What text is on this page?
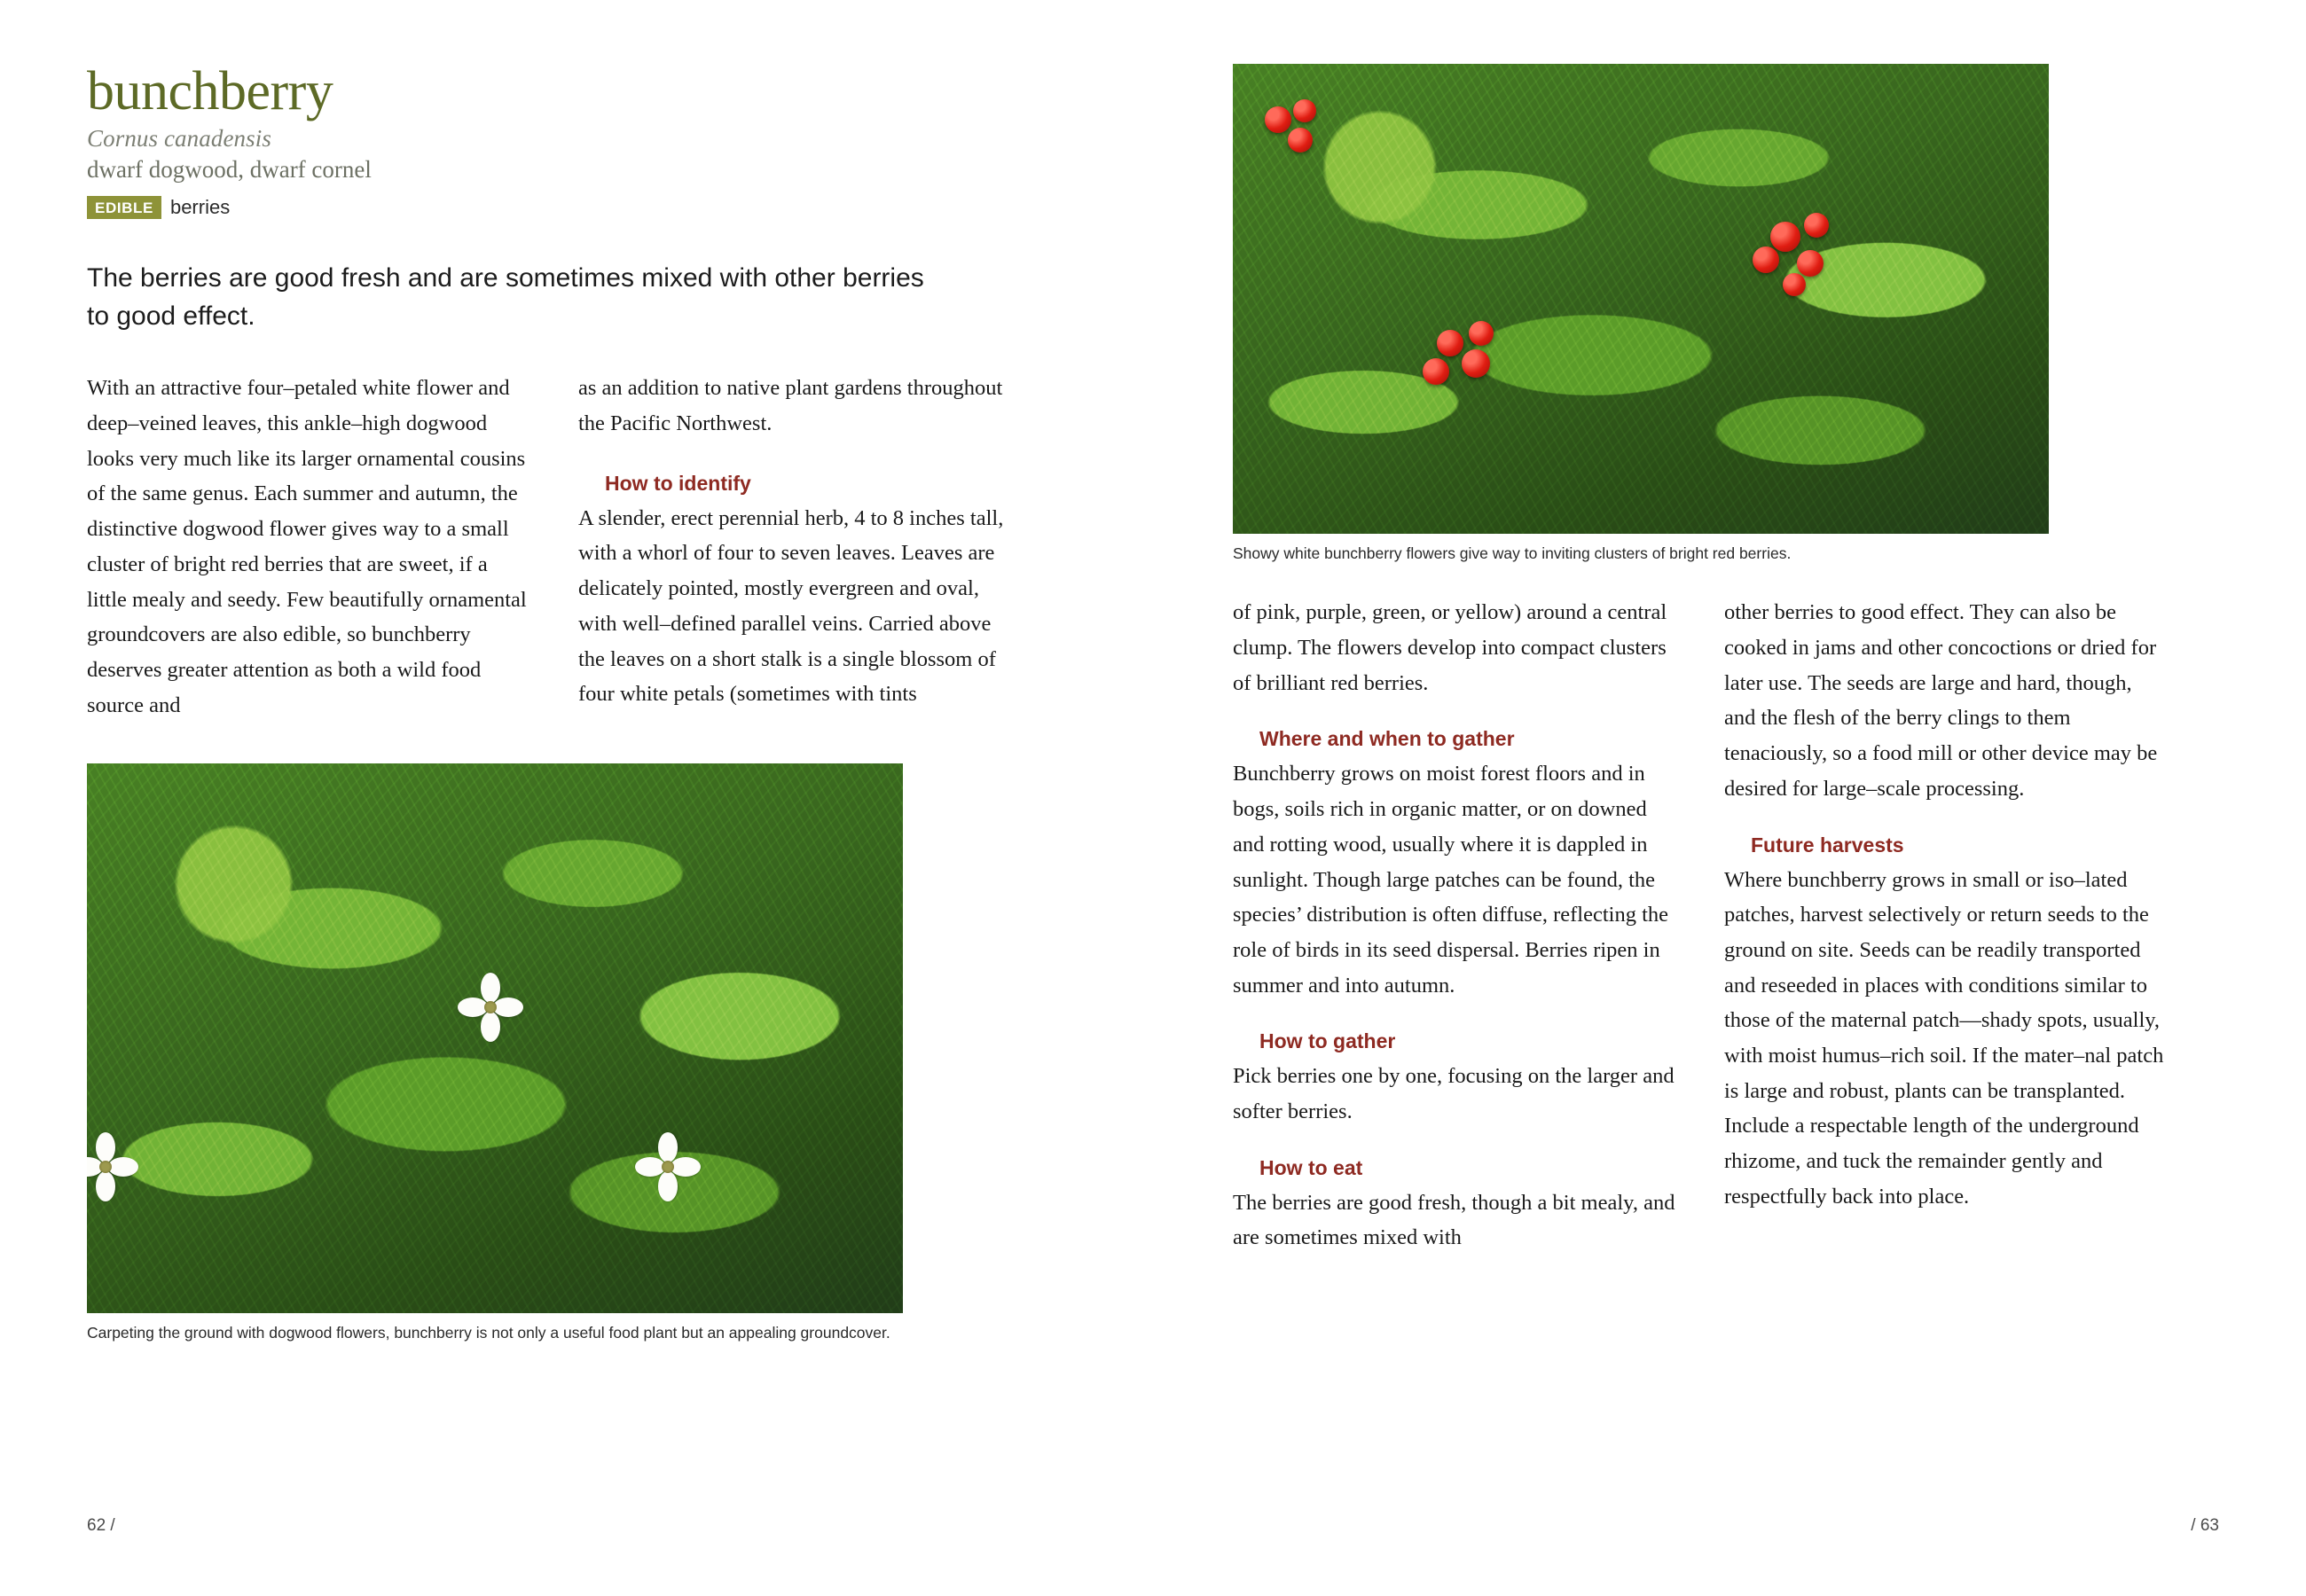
bunchberry
Cornus canadensis
dwarf dogwood, dwarf cornel
EDIBLE berries

The berries are good fresh and are sometimes mixed with other berries to good effect.

With an attractive four–petaled white flower and deep–veined leaves, this ankle–high dogwood looks very much like its larger ornamental cousins of the same genus. Each summer and autumn, the distinctive dogwood flower gives way to a small cluster of bright red berries that are sweet, if a little mealy and seedy. Few beautifully ornamental groundcovers are also edible, so bunchberry deserves greater attention as both a wild food source and

as an addition to native plant gardens throughout the Pacific Northwest.

How to identify

A slender, erect perennial herb, 4 to 8 inches tall, with a whorl of four to seven leaves. Leaves are delicately pointed, mostly evergreen and oval, with well–defined parallel veins. Carried above the leaves on a short stalk is a single blossom of four white petals (sometimes with tints

Carpeting the ground with dogwood flowers, bunchberry is not only a useful food plant but an appealing groundcover.
62 /
Showy white bunchberry flowers give way to inviting clusters of bright red berries.

of pink, purple, green, or yellow) around a central clump. The flowers develop into compact clusters of brilliant red berries.

Where and when to gather

Bunchberry grows on moist forest floors and in bogs, soils rich in organic matter, or on downed and rotting wood, usually where it is dappled in sunlight. Though large patches can be found, the species’ distribution is often diffuse, reflecting the role of birds in its seed dispersal. Berries ripen in summer and into autumn.

How to gather

Pick berries one by one, focusing on the larger and softer berries.

How to eat

The berries are good fresh, though a bit mealy, and are sometimes mixed with

other berries to good effect. They can also be cooked in jams and other concoctions or dried for later use. The seeds are large and hard, though, and the flesh of the berry clings to them tenaciously, so a food mill or other device may be desired for large–scale processing.

Future harvests

Where bunchberry grows in small or iso–lated patches, harvest selectively or return seeds to the ground on site. Seeds can be readily transported and reseeded in places with conditions similar to those of the maternal patch—shady spots, usually, with moist humus–rich soil. If the mater–nal patch is large and robust, plants can be transplanted. Include a respectable length of the underground rhizome, and tuck the remainder gently and respectfully back into place.

/ 63
